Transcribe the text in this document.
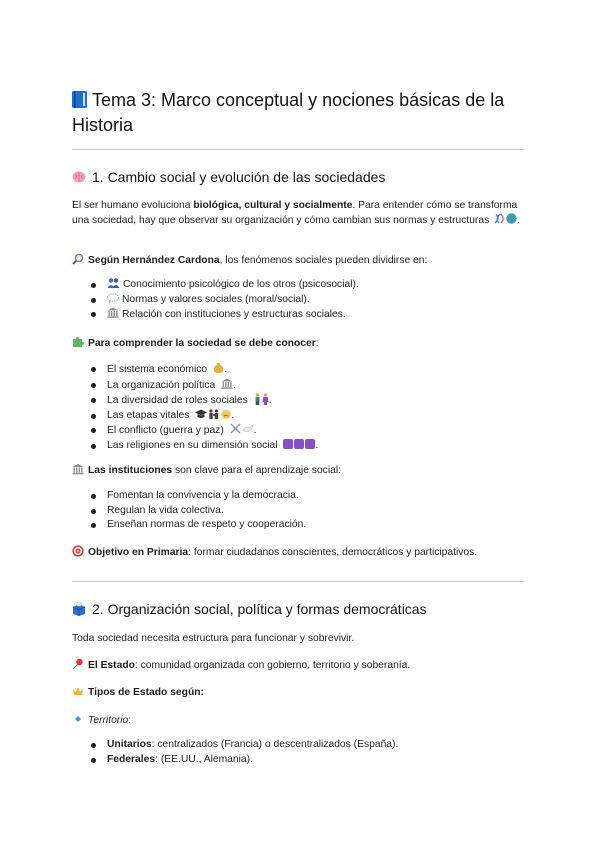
Tema 3: Marco conceptual y nociones básicas de la Historia
1. Cambio social y evolución de las sociedades

El ser humano evoluciona biológica, cultural y socialmente. Para entender cómo se transforma una sociedad, hay que observar su organización y cómo cambian sus normas y estructuras	.

Según Hernández Cardona, los fenómenos sociales pueden dividirse en:

Conocimiento psicológico de los otros (psicosocial).
Normas y valores sociales (moral/social).
Relación con instituciones y estructuras sociales.

Para comprender la sociedad se debe conocer:

El sistema económico .
La organización política .
La diversidad de roles sociales .
Las etapas vitales	.
El conflicto (guerra y paz)	.
Las religiones en su dimensión social	.

Las instituciones son clave para el aprendizaje social:

Fomentan la convivencia y la democracia.
Regulan la vida colectiva.
Enseñan normas de respeto y cooperación.

Objetivo en Primaria: formar ciudadanos conscientes, democráticos y participativos.

2. Organización social, política y formas democráticas

Toda sociedad necesita estructura para funcionar y sobrevivir.

El Estado: comunidad organizada con gobierno, territorio y soberanía.

Tipos de Estado según:

Territorio:

Unitarios: centralizados (Francia) o descentralizados (España).
Federales: (EE.UU., Alemania).
